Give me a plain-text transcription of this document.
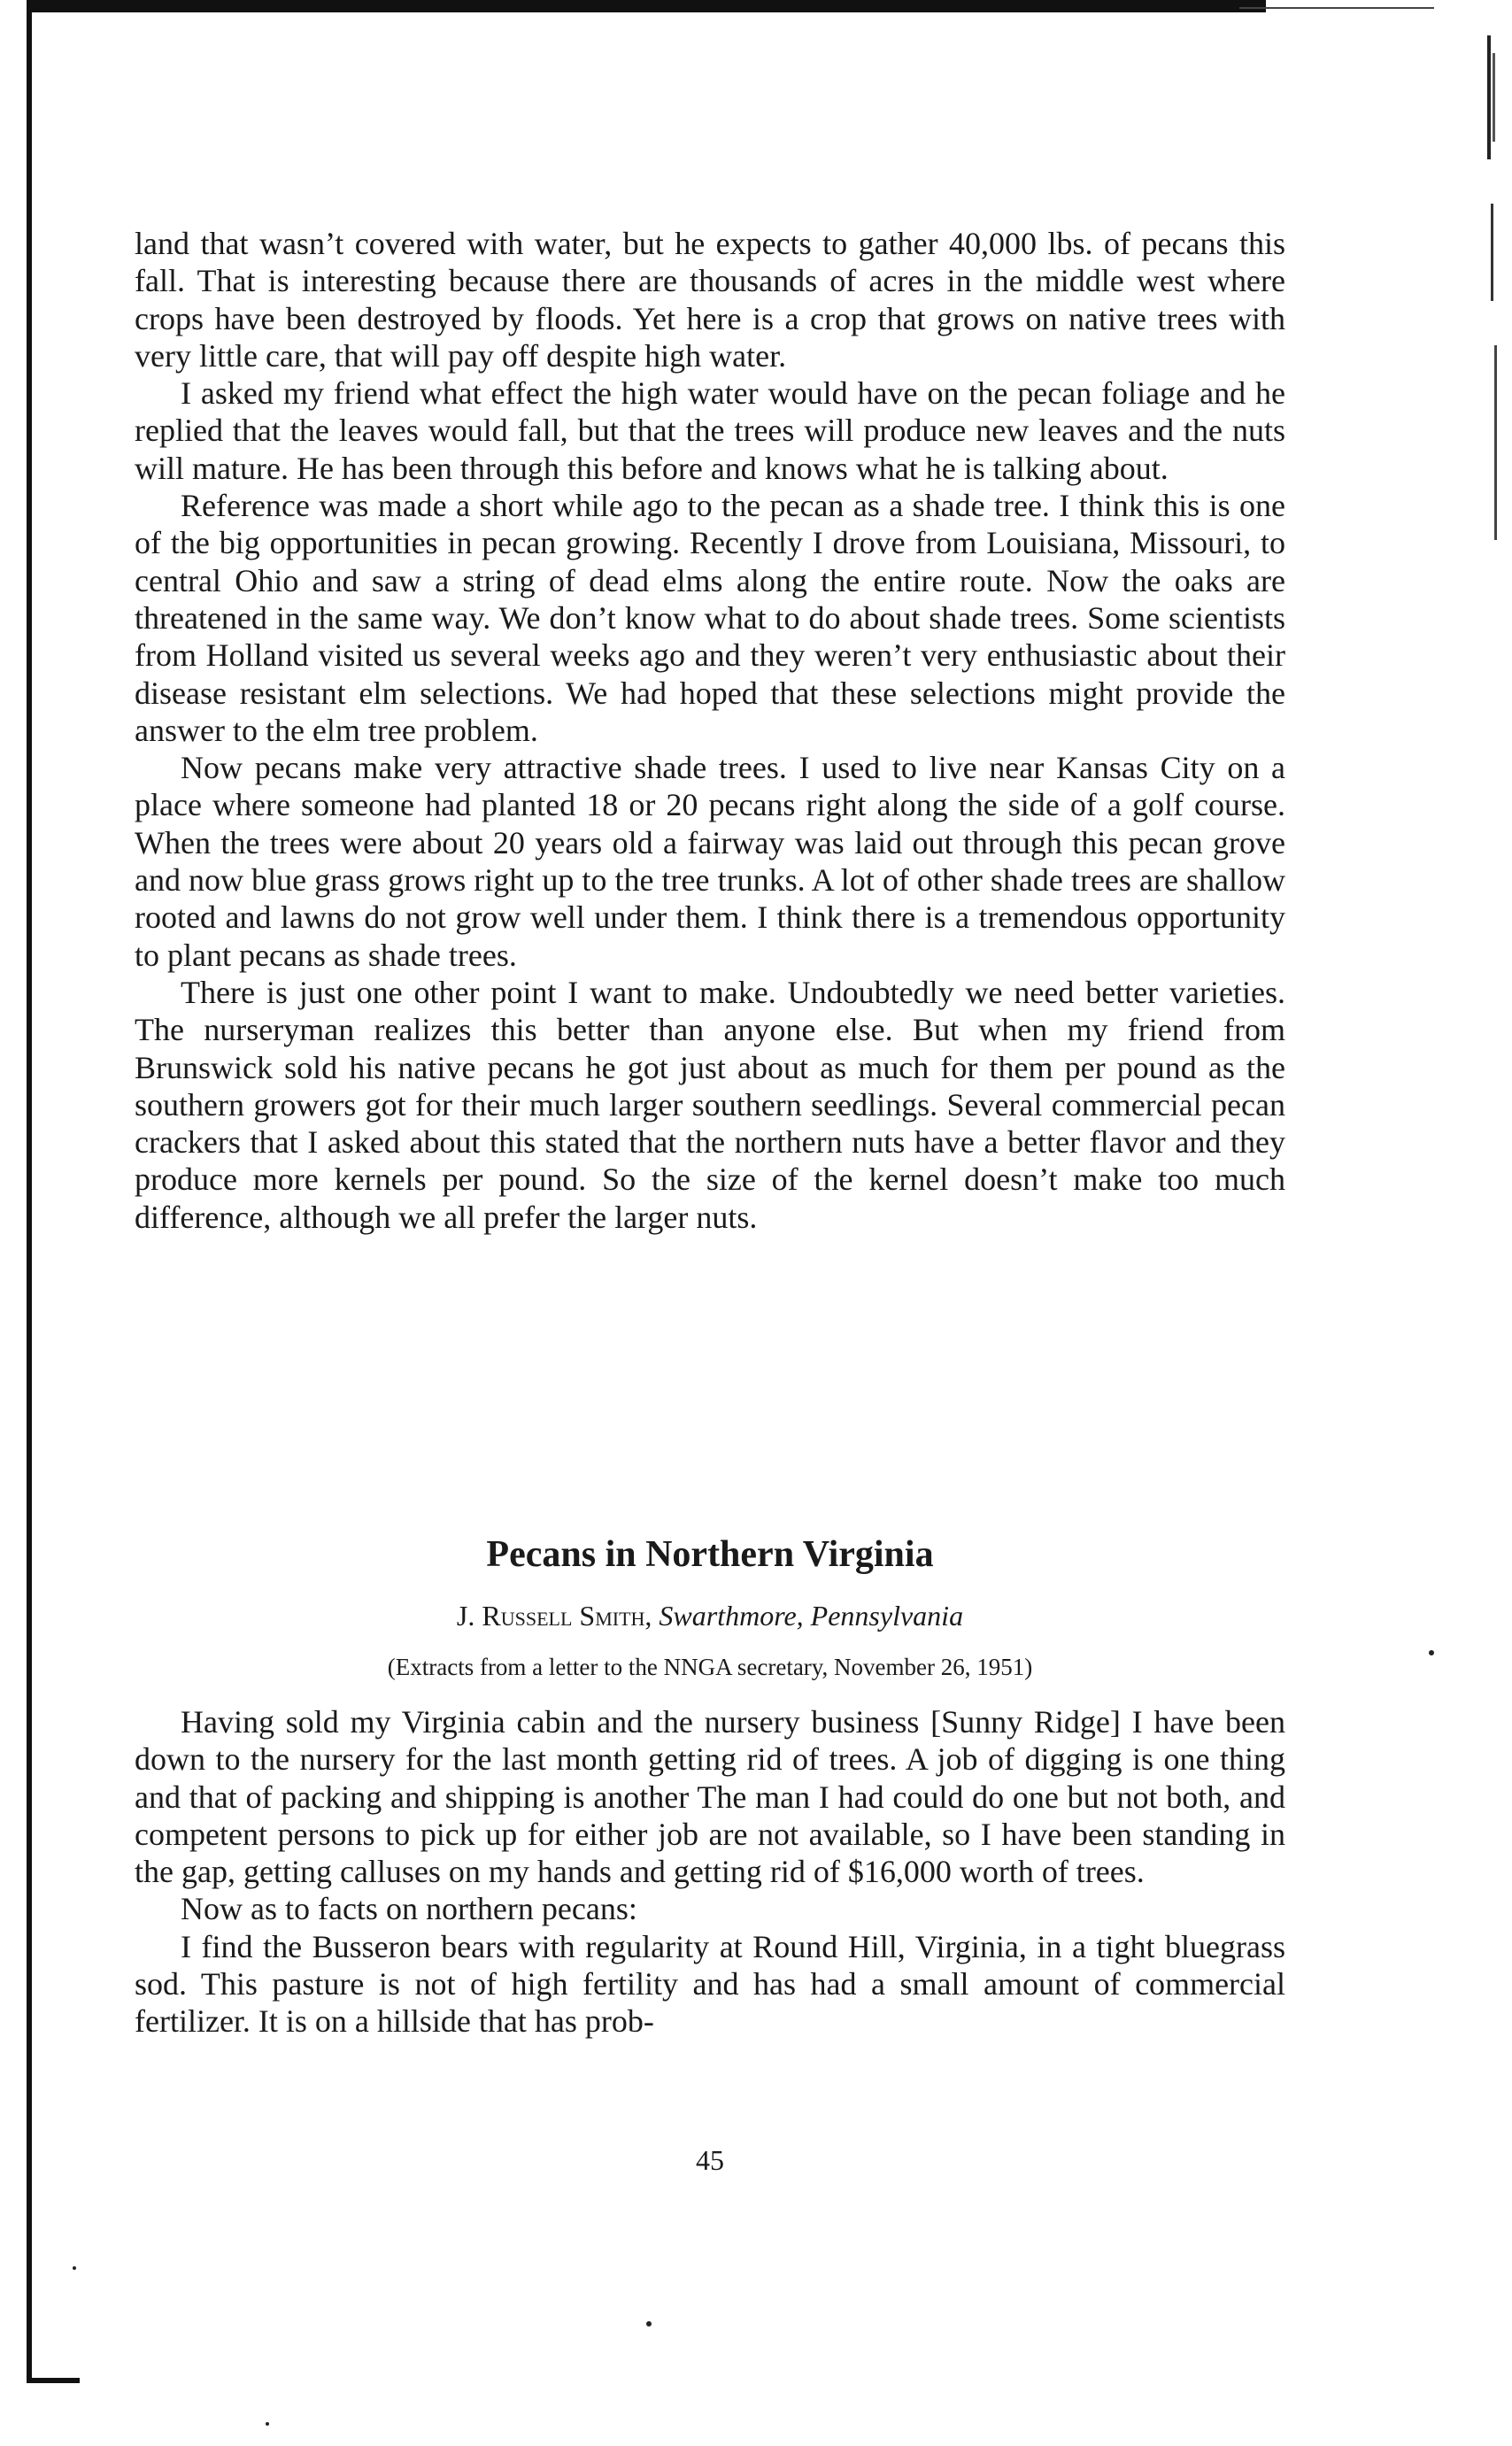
land that wasn’t covered with water, but he expects to gather 40,000 lbs. of pecans this fall. That is interesting because there are thousands of acres in the middle west where crops have been destroyed by floods. Yet here is a crop that grows on native trees with very little care, that will pay off despite high water.

I asked my friend what effect the high water would have on the pecan foliage and he replied that the leaves would fall, but that the trees will produce new leaves and the nuts will mature. He has been through this before and knows what he is talking about.

Reference was made a short while ago to the pecan as a shade tree. I think this is one of the big opportunities in pecan growing. Recently I drove from Louisiana, Missouri, to central Ohio and saw a string of dead elms along the entire route. Now the oaks are threatened in the same way. We don’t know what to do about shade trees. Some scientists from Holland visited us several weeks ago and they weren’t very enthusiastic about their disease resistant elm selections. We had hoped that these selections might provide the answer to the elm tree problem.

Now pecans make very attractive shade trees. I used to live near Kansas City on a place where someone had planted 18 or 20 pecans right along the side of a golf course. When the trees were about 20 years old a fairway was laid out through this pecan grove and now blue grass grows right up to the tree trunks. A lot of other shade trees are shallow rooted and lawns do not grow well under them. I think there is a tremendous opportunity to plant pecans as shade trees.

There is just one other point I want to make. Undoubtedly we need better varieties. The nurseryman realizes this better than anyone else. But when my friend from Brunswick sold his native pecans he got just about as much for them per pound as the southern growers got for their much larger southern seedlings. Several commercial pecan crackers that I asked about this stated that the northern nuts have a better flavor and they produce more kernels per pound. So the size of the kernel doesn’t make too much difference, although we all prefer the larger nuts.

Pecans in Northern Virginia
J. Russell Smith, Swarthmore, Pennsylvania
(Extracts from a letter to the NNGA secretary, November 26, 1951)

Having sold my Virginia cabin and the nursery business [Sunny Ridge] I have been down to the nursery for the last month getting rid of trees. A job of digging is one thing and that of packing and shipping is another The man I had could do one but not both, and competent persons to pick up for either job are not available, so I have been standing in the gap, getting calluses on my hands and getting rid of $16,000 worth of trees.

Now as to facts on northern pecans:

I find the Busseron bears with regularity at Round Hill, Virginia, in a tight bluegrass sod. This pasture is not of high fertility and has had a small amount of commercial fertilizer. It is on a hillside that has prob-

45
